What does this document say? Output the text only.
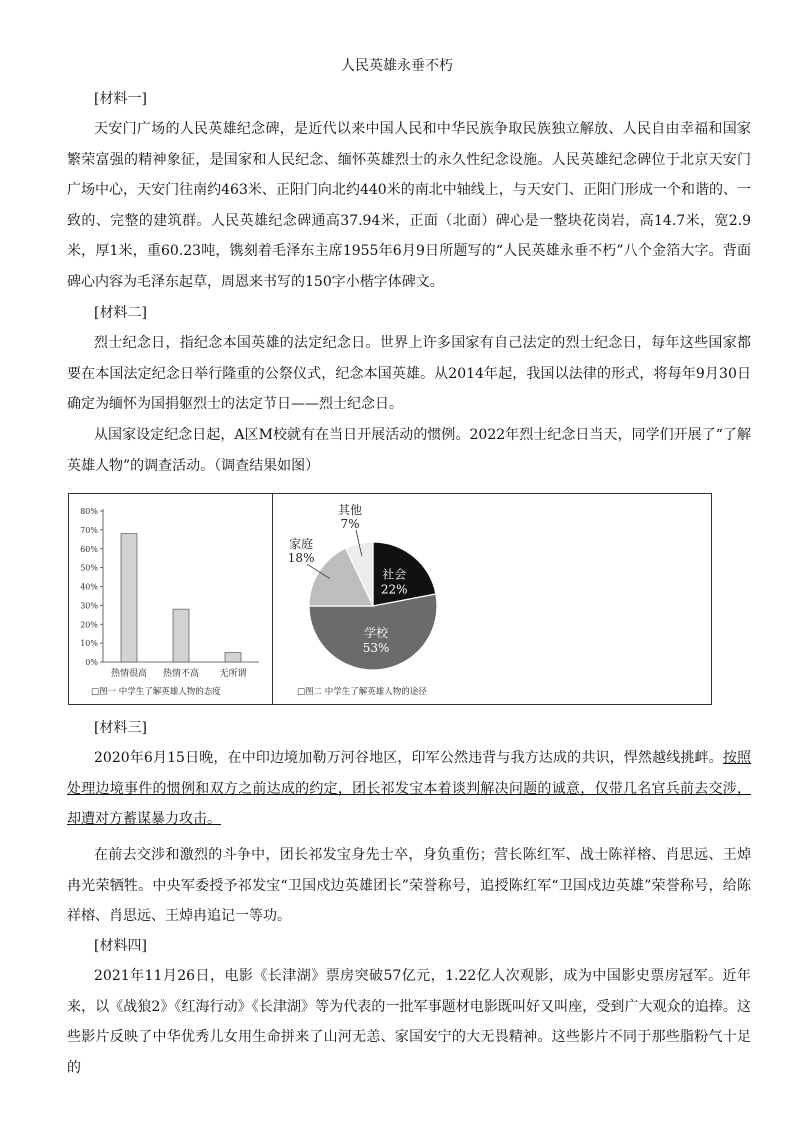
人民英雄永垂不朽
[材料一]
天安门广场的人民英雄纪念碑，是近代以来中国人民和中华民族争取民族独立解放、人民自由幸福和国家繁荣富强的精神象征，是国家和人民纪念、缅怀英雄烈士的永久性纪念设施。人民英雄纪念碑位于北京天安门广场中心，天安门往南约463米、正阳门向北约440米的南北中轴线上，与天安门、正阳门形成一个和谐的、一致的、完整的建筑群。人民英雄纪念碑通高37.94米，正面（北面）碑心是一整块花岗岩，高14.7米，宽2.9米，厚1米，重60.23吨，镌刻着毛泽东主席1955年6月9日所题写的“人民英雄永垂不朽”八个金箔大字。背面碑心内容为毛泽东起草，周恩来书写的150字小楷字体碑文。
[材料二]
烈士纪念日，指纪念本国英雄的法定纪念日。世界上许多国家有自己法定的烈士纪念日，每年这些国家都要在本国法定纪念日举行隆重的公祭仪式，纪念本国英雄。从2014年起，我国以法律的形式，将每年9月30日确定为缅怀为国捐躯烈士的法定节日——烈士纪念日。
从国家设定纪念日起，A区M校就有在当日开展活动的惯例。2022年烈士纪念日当天，同学们开展了“了解英雄人物”的调查活动。（调查结果如图）
0%
10%
20%
30%
40%
50%
60%
70%
80%
热情很高 热情不高 无所谓
□图一 中学生了解英雄人物的态度
社会
22%
学校
53%
家庭
18%
其他
7%
□图二 中学生了解英雄人物的途径
[材料三]
2020年6月15日晚，在中印边境加勒万河谷地区，印军公然违背与我方达成的共识，悍然越线挑衅。按照处理边境事件的惯例和双方之前达成的约定，团长祁发宝本着谈判解决问题的诚意，仅带几名官兵前去交涉，却遭对方蓄谋暴力攻击。
在前去交涉和激烈的斗争中，团长祁发宝身先士卒，身负重伤；营长陈红军、战士陈祥榕、肖思远、王焯冉光荣牺牲。中央军委授予祁发宝“卫国戍边英雄团长”荣誉称号，追授陈红军“卫国戍边英雄”荣誉称号，给陈祥榕、肖思远、王焯冉追记一等功。
[材料四]
2021年11月26日，电影《长津湖》票房突破57亿元，1.22亿人次观影，成为中国影史票房冠军。近年来，以《战狼2》《红海行动》《长津湖》等为代表的一批军事题材电影既叫好又叫座，受到广大观众的追捧。这些影片反映了中华优秀儿女用生命拼来了山河无恙、家国安宁的大无畏精神。这些影片不同于那些脂粉气十足的
